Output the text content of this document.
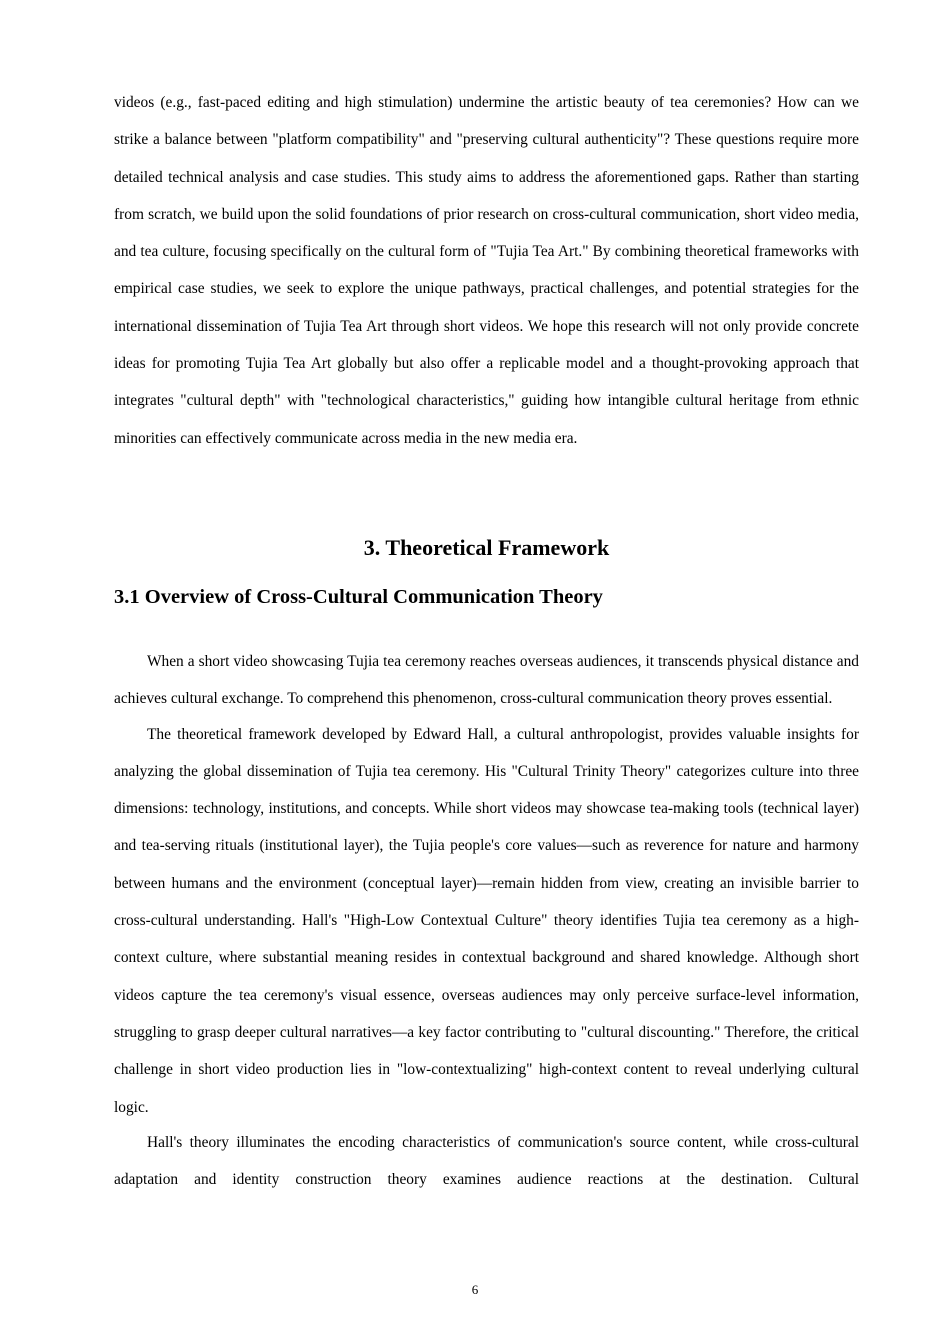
videos (e.g., fast-paced editing and high stimulation) undermine the artistic beauty of tea ceremonies? How can we strike a balance between "platform compatibility" and "preserving cultural authenticity"? These questions require more detailed technical analysis and case studies. This study aims to address the aforementioned gaps. Rather than starting from scratch, we build upon the solid foundations of prior research on cross-cultural communication, short video media, and tea culture, focusing specifically on the cultural form of "Tujia Tea Art." By combining theoretical frameworks with empirical case studies, we seek to explore the unique pathways, practical challenges, and potential strategies for the international dissemination of Tujia Tea Art through short videos. We hope this research will not only provide concrete ideas for promoting Tujia Tea Art globally but also offer a replicable model and a thought-provoking approach that integrates "cultural depth" with "technological characteristics," guiding how intangible cultural heritage from ethnic minorities can effectively communicate across media in the new media era.

3. Theoretical Framework
3.1 Overview of Cross-Cultural Communication Theory

When a short video showcasing Tujia tea ceremony reaches overseas audiences, it transcends physical distance and achieves cultural exchange. To comprehend this phenomenon, cross-cultural communication theory proves essential.

The theoretical framework developed by Edward Hall, a cultural anthropologist, provides valuable insights for analyzing the global dissemination of Tujia tea ceremony. His "Cultural Trinity Theory" categorizes culture into three dimensions: technology, institutions, and concepts. While short videos may showcase tea-making tools (technical layer) and tea-serving rituals (institutional layer), the Tujia people's core values—such as reverence for nature and harmony between humans and the environment (conceptual layer)—remain hidden from view, creating an invisible barrier to cross-cultural understanding. Hall's "High-Low Contextual Culture" theory identifies Tujia tea ceremony as a high-context culture, where substantial meaning resides in contextual background and shared knowledge. Although short videos capture the tea ceremony's visual essence, overseas audiences may only perceive surface-level information, struggling to grasp deeper cultural narratives—a key factor contributing to "cultural discounting." Therefore, the critical challenge in short video production lies in "low-contextualizing" high-context content to reveal underlying cultural logic.

Hall's theory illuminates the encoding characteristics of communication's source content, while cross-cultural adaptation and identity construction theory examines audience reactions at the destination. Cultural

6
